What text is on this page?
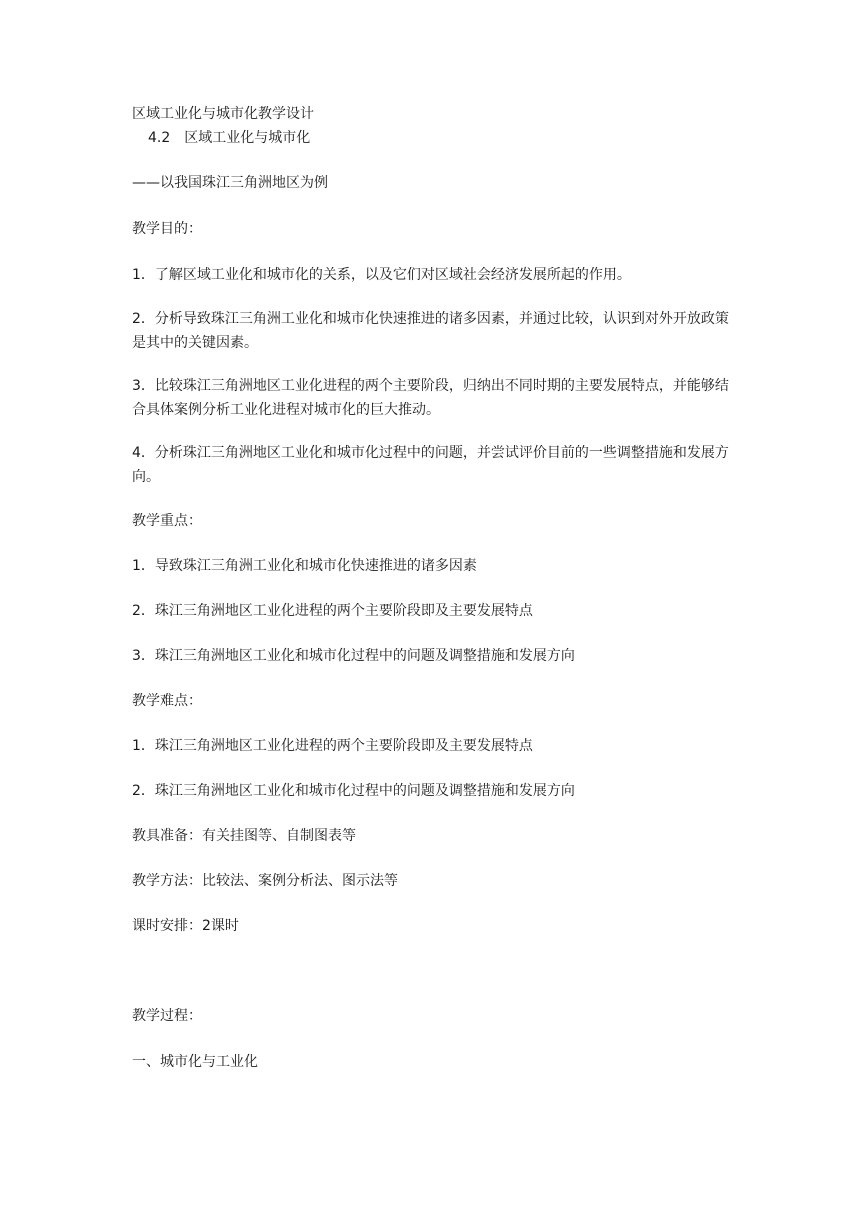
区域工业化与城市化教学设计
4.2　区域工业化与城市化
——以我国珠江三角洲地区为例
教学目的：
1．了解区域工业化和城市化的关系，以及它们对区域社会经济发展所起的作用。
2．分析导致珠江三角洲工业化和城市化快速推进的诸多因素，并通过比较，认识到对外开放政策是其中的关键因素。
3．比较珠江三角洲地区工业化进程的两个主要阶段，归纳出不同时期的主要发展特点，并能够结合具体案例分析工业化进程对城市化的巨大推动。
4．分析珠江三角洲地区工业化和城市化过程中的问题，并尝试评价目前的一些调整措施和发展方向。
教学重点：
1．导致珠江三角洲工业化和城市化快速推进的诸多因素
2．珠江三角洲地区工业化进程的两个主要阶段即及主要发展特点
3．珠江三角洲地区工业化和城市化过程中的问题及调整措施和发展方向
教学难点：
1．珠江三角洲地区工业化进程的两个主要阶段即及主要发展特点
2．珠江三角洲地区工业化和城市化过程中的问题及调整措施和发展方向
教具准备：有关挂图等、自制图表等
教学方法：比较法、案例分析法、图示法等
课时安排：2课时
教学过程：
一、城市化与工业化
